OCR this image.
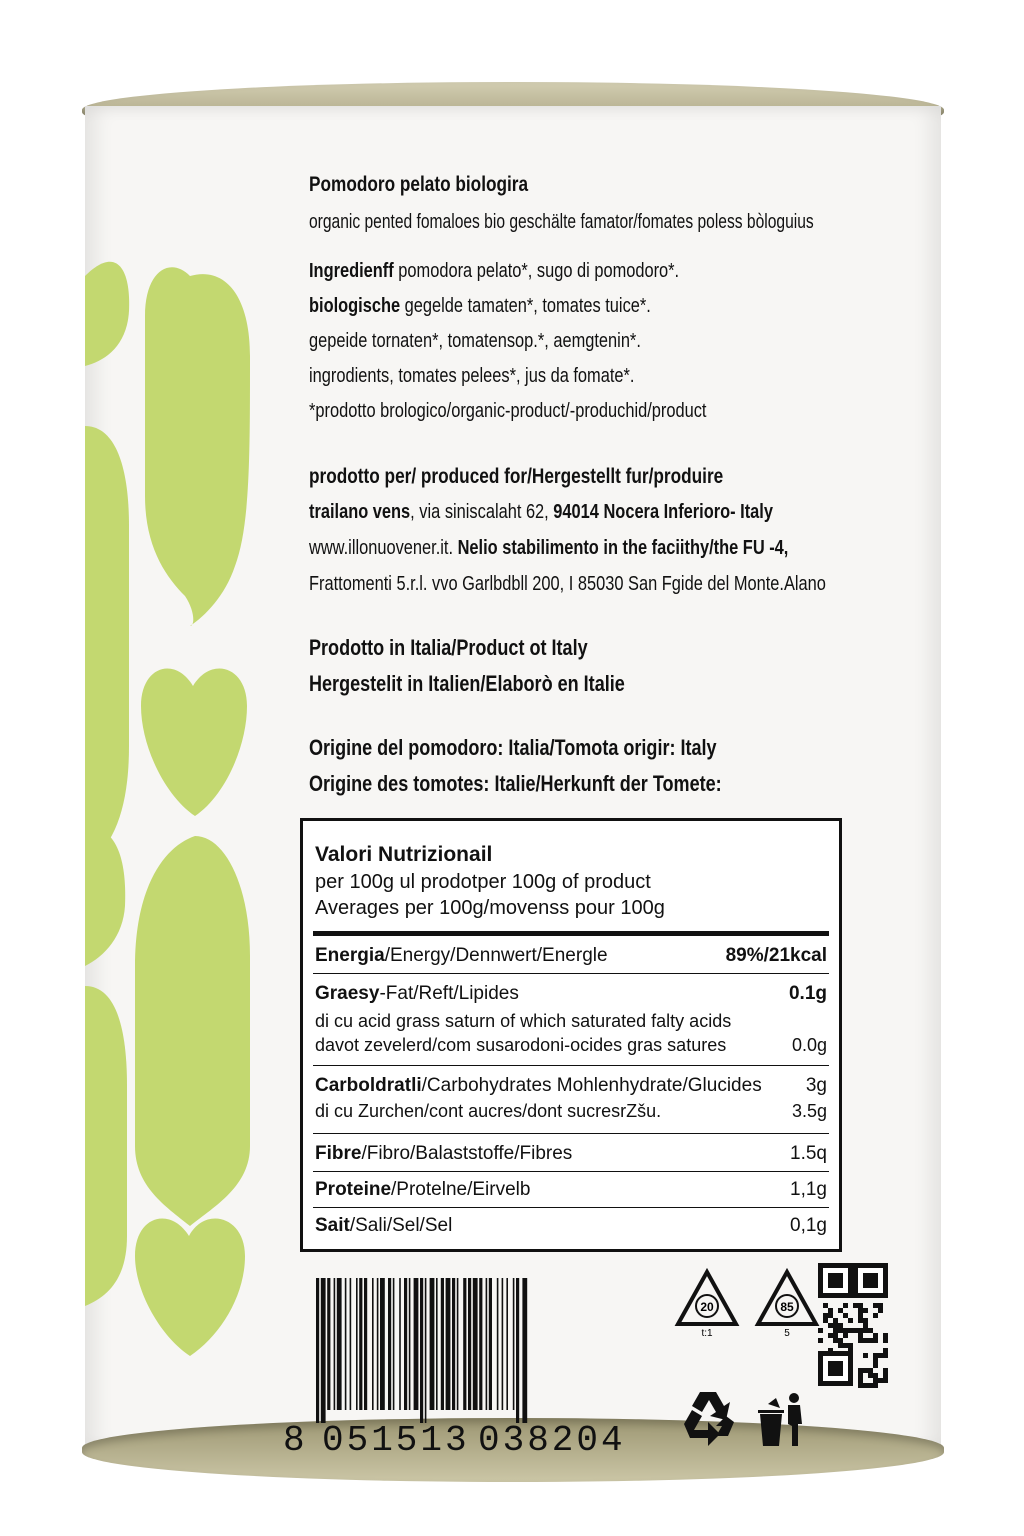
Pomodoro pelato biologira
organic pented fomaloes bio geschälte famator/fomates poless bòloguius
Ingredienff pomodora pelato*, sugo di pomodoro*.
biologische gegelde tamaten*, tomates tuice*.
gepeide tornaten*, tomatensop.*, aemgtenin*.
ingrodients, tomates pelees*, jus da fomate*.
*prodotto brologico/organic-product/-produchid/product
prodotto per/ produced for/Hergestellt fur/produire
trailano vens, via siniscalaht 62, 94014 Nocera Inferioro- Italy
www.illonuovener.it. Nelio stabilimento in the faciithy/the FU -4,
Frattomenti 5.r.l. vvo Garlbdbll 200, I 85030 San Fgide del Monte.Alano
Prodotto in Italia/Product ot Italy
Hergestelit in Italien/Elaborò en Italie
Origine del pomodoro: Italia/Tomota origir: Italy
Origine des tomotes: Italie/Herkunft der Tomete:
Valori Nutrizionail
per 100g ul prodotper 100g of product
Averages per 100g/movenss pour 100g
Energia/Energy/Dennwert/Energle	89%/21kcal
Graesy-Fat/Reft/Lipides	0.1g
di cu acid grass saturn of which saturated falty acids
davot zevelerd/com susarodoni-ocides gras satures	0.0g
Carboldratli/Carbohydrates Mohlenhydrate/Glucides 3g
di cu Zurchen/cont aucres/dont sucresrZšu.	3.5g
Fibre/Fibro/Balaststoffe/Fibres	1.5q
Proteine/Protelne/Eirvelb	1,1g
Sait/Sali/Sel/Sel	0,1g
8 051513 038204
20
t:1
85
5
